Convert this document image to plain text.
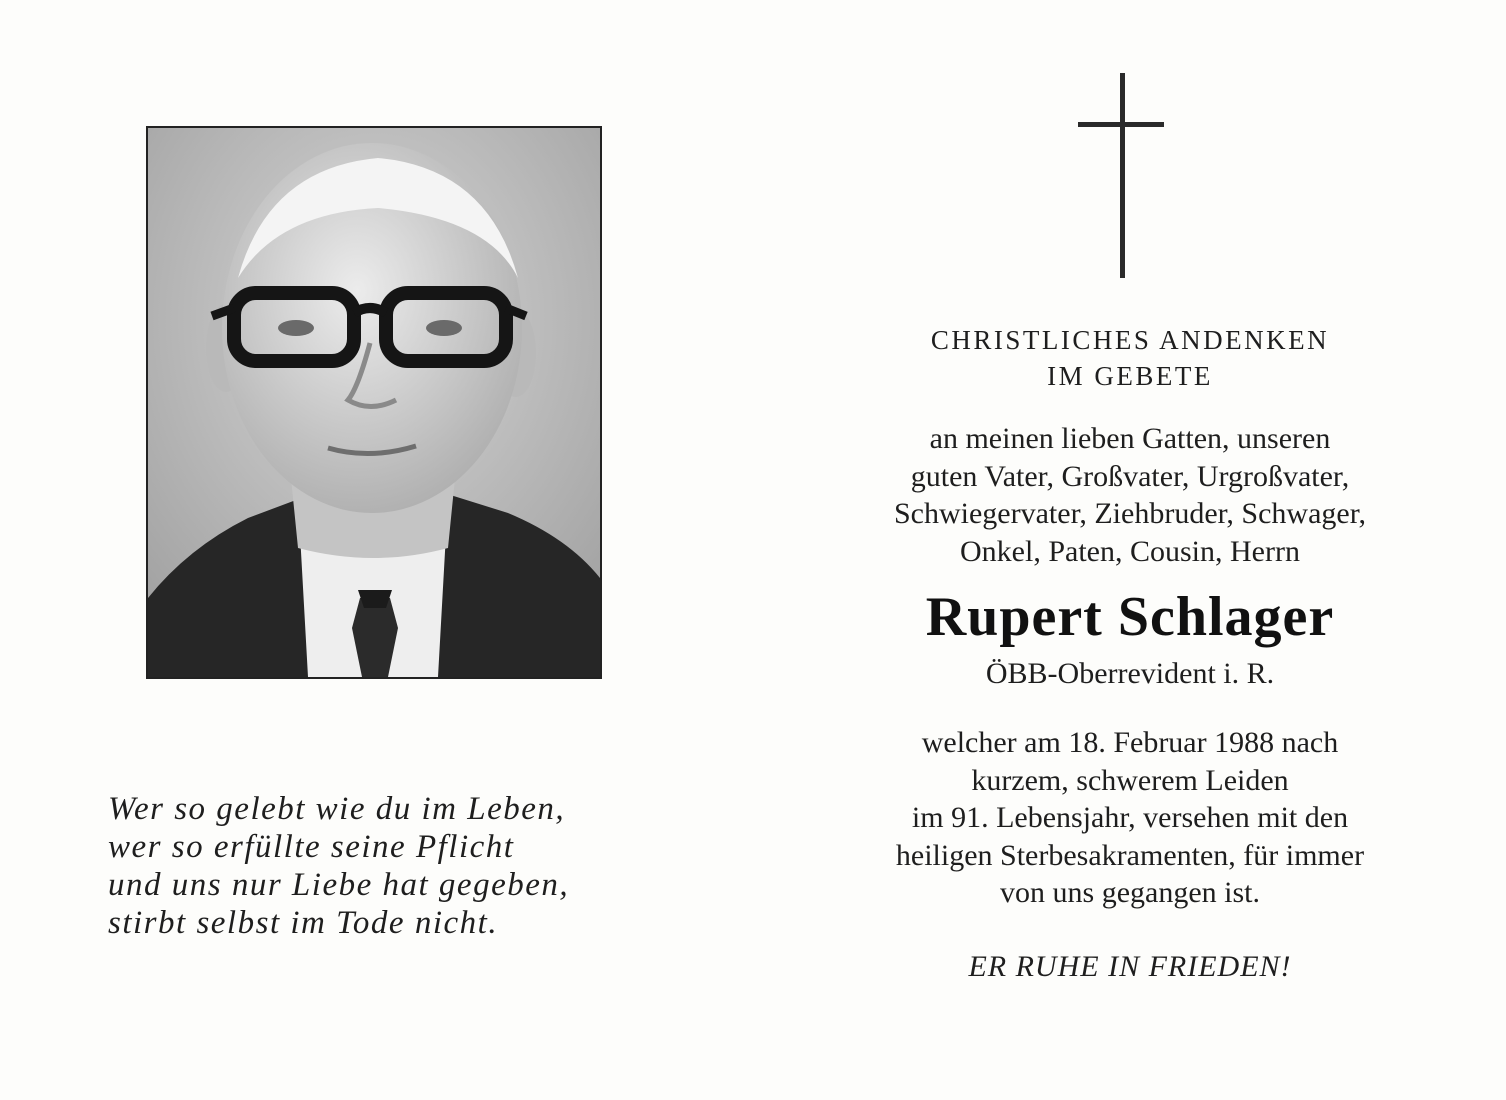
Wer so gelebt wie du im Leben,
wer so erfüllte seine Pflicht
und uns nur Liebe hat gegeben,
stirbt selbst im Tode nicht.
CHRISTLICHES ANDENKEN
IM GEBETE
an meinen lieben Gatten, unseren
guten Vater, Großvater, Urgroßvater,
Schwiegervater, Ziehbruder, Schwager,
Onkel, Paten, Cousin, Herrn
Rupert Schlager
ÖBB-Oberrevident i. R.
welcher am 18. Februar 1988 nach
kurzem, schwerem Leiden
im 91. Lebensjahr, versehen mit den
heiligen Sterbesakramenten, für immer
von uns gegangen ist.
ER RUHE IN FRIEDEN!
